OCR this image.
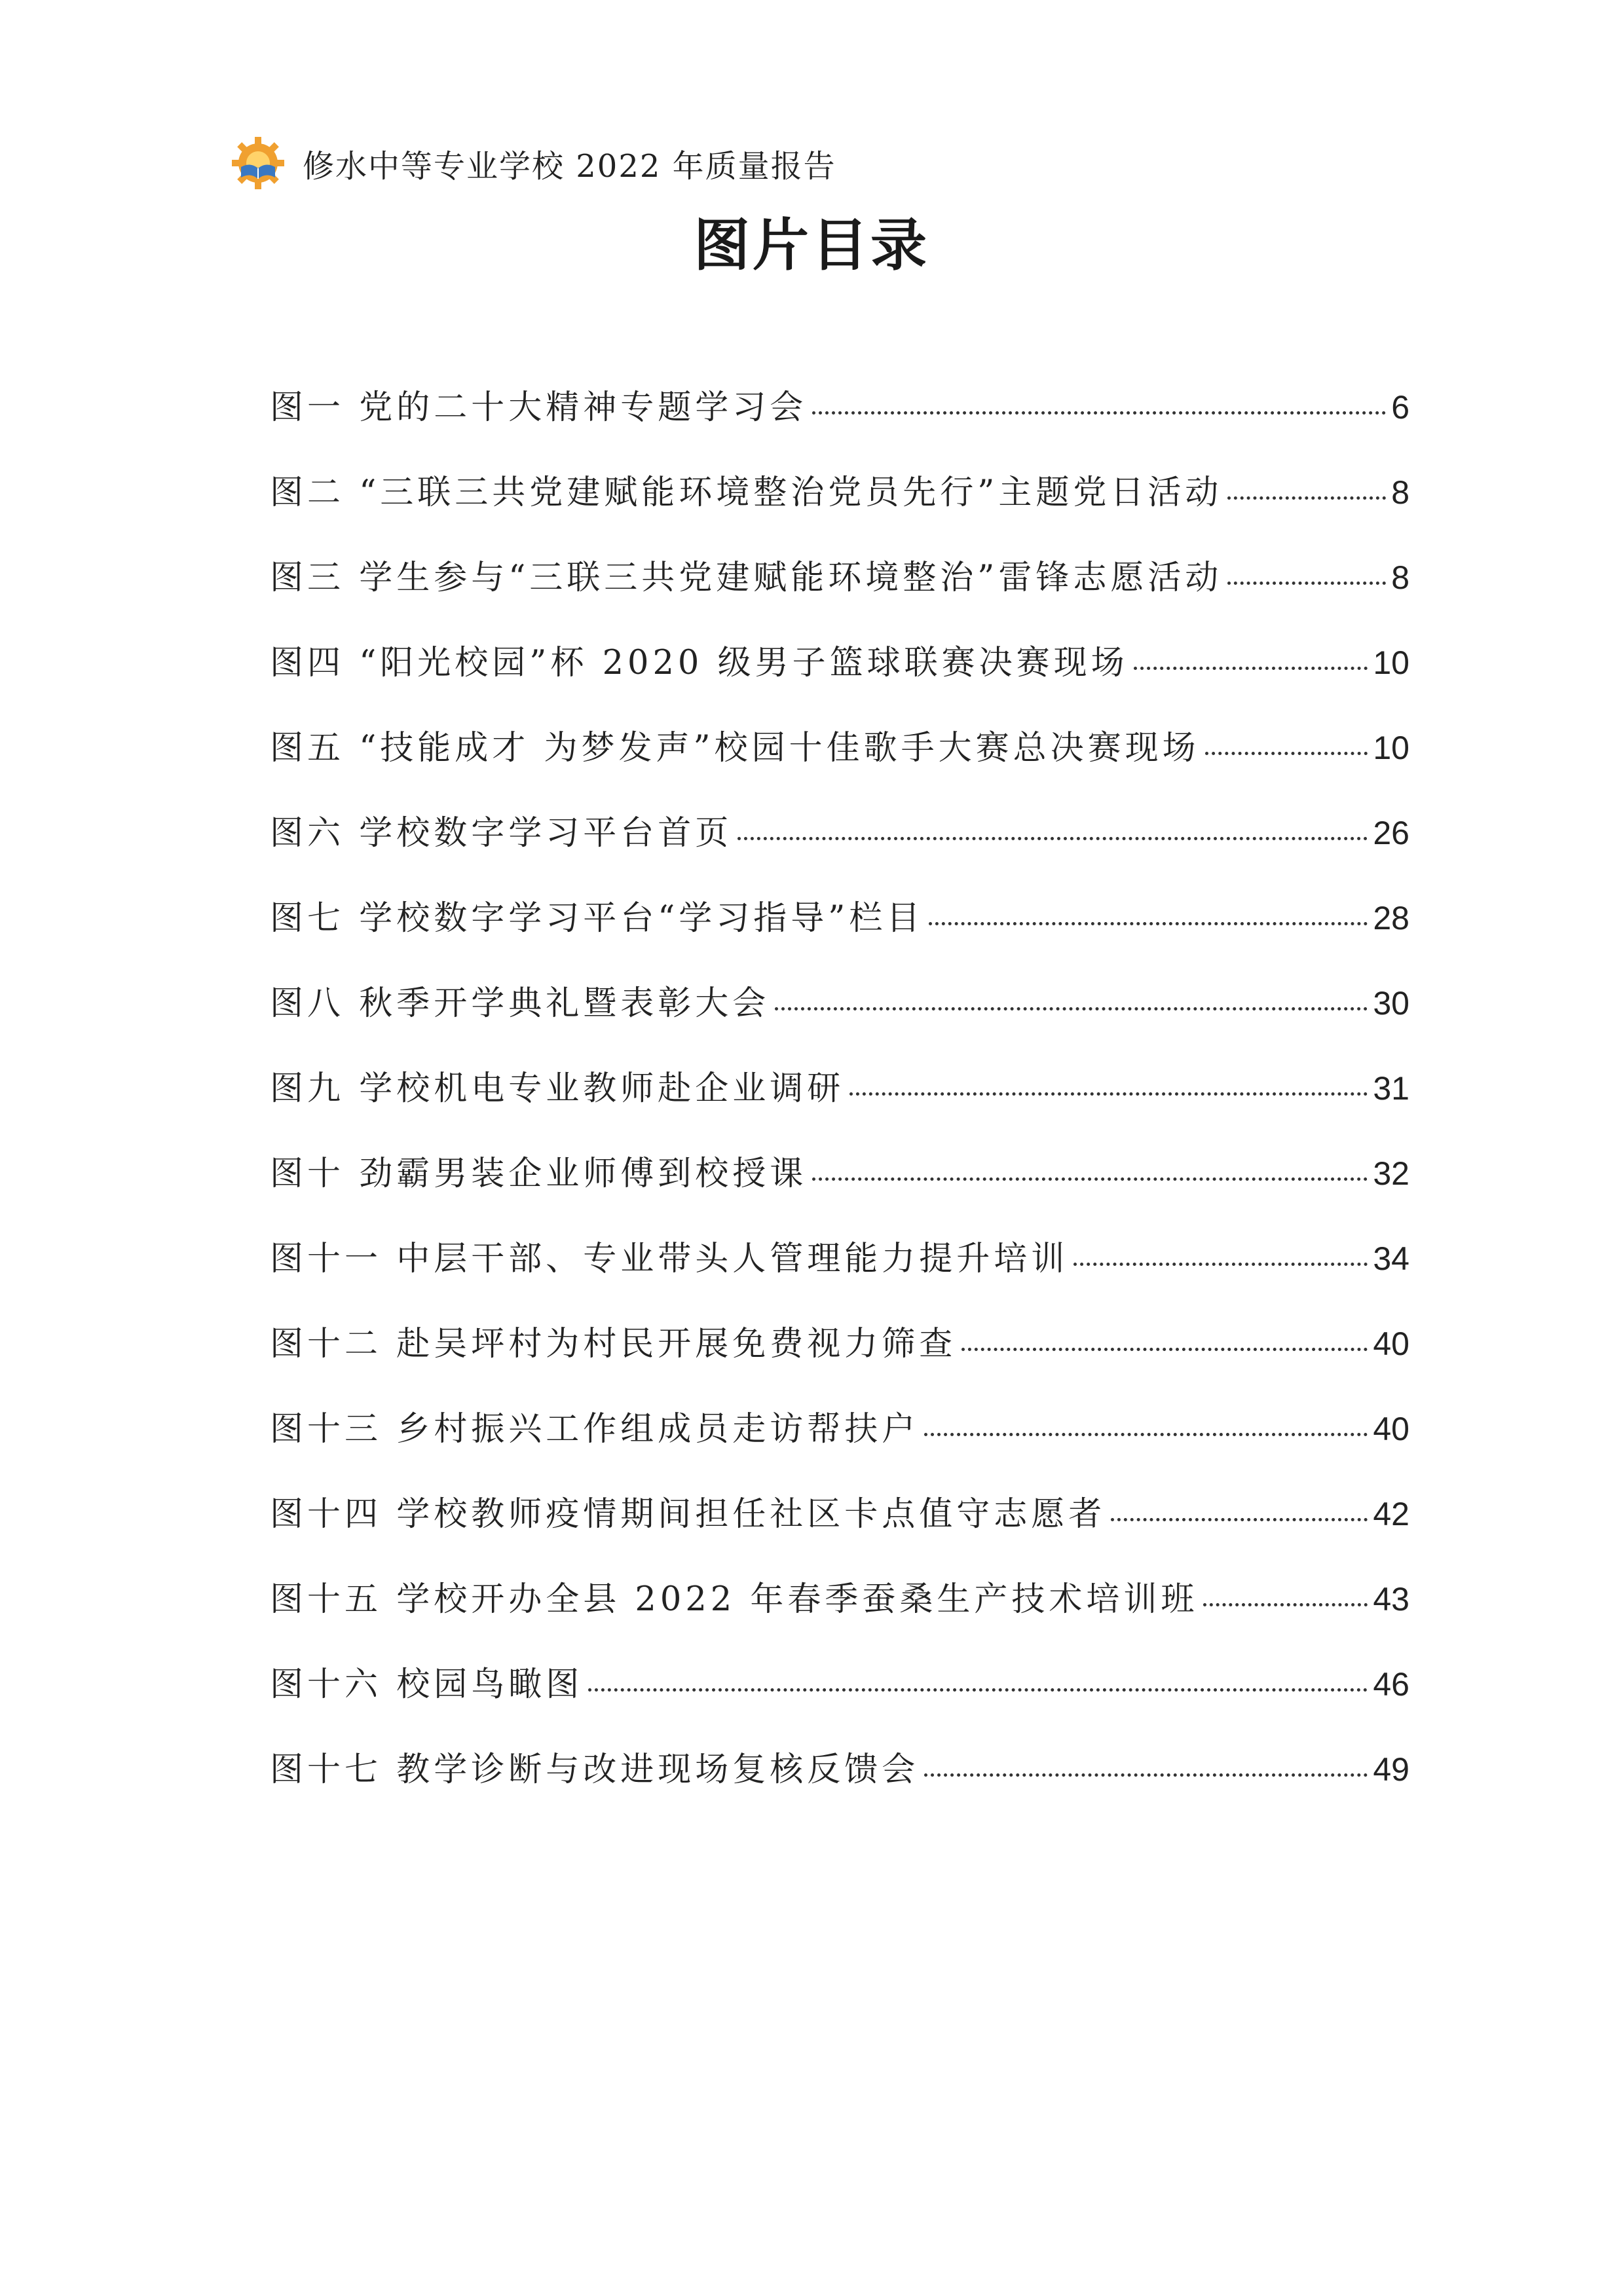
修水中等专业学校 2022 年质量报告
图片目录
图一 党的二十大精神专题学习会	6
图二 “三联三共党建赋能环境整治党员先行”主题党日活动	8
图三 学生参与“三联三共党建赋能环境整治”雷锋志愿活动	8
图四 “阳光校园”杯 2020 级男子篮球联赛决赛现场	10
图五 “技能成才 为梦发声”校园十佳歌手大赛总决赛现场	10
图六 学校数字学习平台首页	26
图七 学校数字学习平台“学习指导”栏目	28
图八 秋季开学典礼暨表彰大会	30
图九 学校机电专业教师赴企业调研	31
图十 劲霸男装企业师傅到校授课	32
图十一 中层干部、专业带头人管理能力提升培训	34
图十二 赴吴坪村为村民开展免费视力筛查	40
图十三 乡村振兴工作组成员走访帮扶户	40
图十四 学校教师疫情期间担任社区卡点值守志愿者	42
图十五 学校开办全县 2022 年春季蚕桑生产技术培训班	43
图十六 校园鸟瞰图	46
图十七 教学诊断与改进现场复核反馈会	49
